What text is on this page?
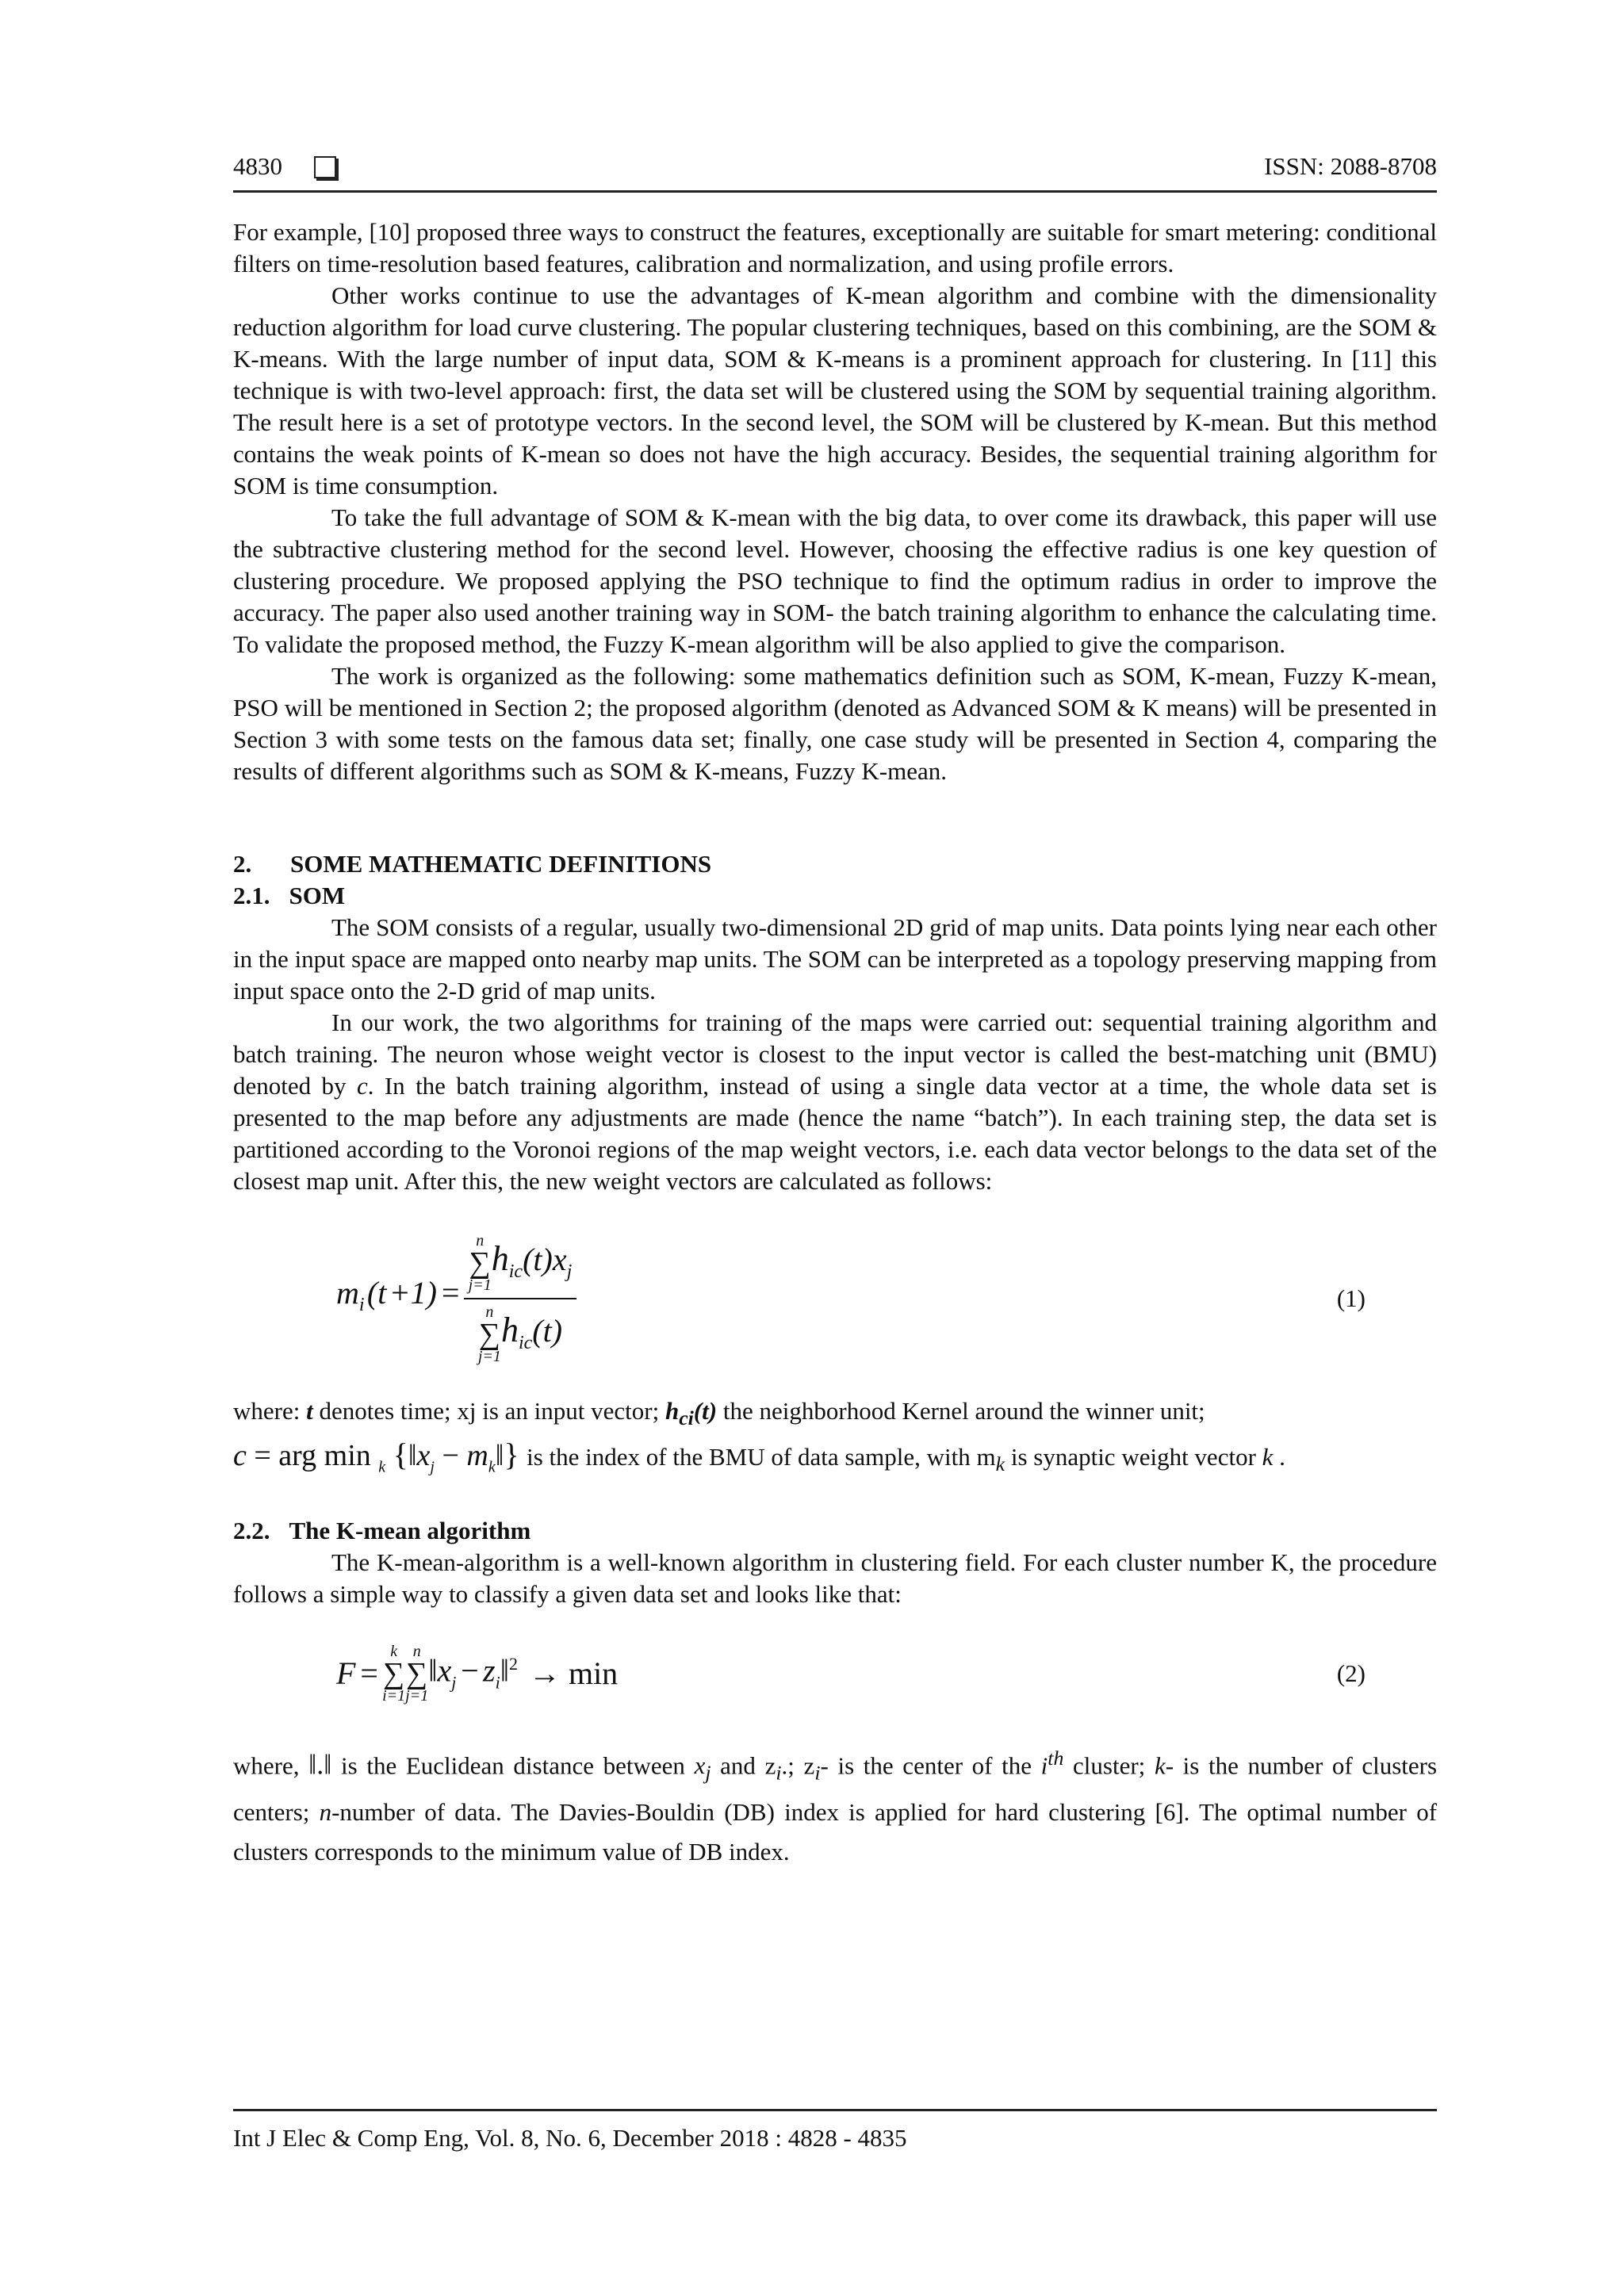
4830	ISSN: 2088-8708

For example, [10] proposed three ways to construct the features, exceptionally are suitable for smart metering: conditional filters on time-resolution based features, calibration and normalization, and using profile errors.

Other works continue to use the advantages of K-mean algorithm and combine with the dimensionality reduction algorithm for load curve clustering. The popular clustering techniques, based on this combining, are the SOM & K-means. With the large number of input data, SOM & K-means is a prominent approach for clustering. In [11] this technique is with two-level approach: first, the data set will be clustered using the SOM by sequential training algorithm. The result here is a set of prototype vectors. In the second level, the SOM will be clustered by K-mean. But this method contains the weak points of K-mean so does not have the high accuracy. Besides, the sequential training algorithm for SOM is time consumption.

To take the full advantage of SOM & K-mean with the big data, to over come its drawback, this paper will use the subtractive clustering method for the second level. However, choosing the effective radius is one key question of clustering procedure. We proposed applying the PSO technique to find the optimum radius in order to improve the accuracy. The paper also used another training way in SOM- the batch training algorithm to enhance the calculating time. To validate the proposed method, the Fuzzy K-mean algorithm will be also applied to give the comparison.

The work is organized as the following: some mathematics definition such as SOM, K-mean, Fuzzy K-mean, PSO will be mentioned in Section 2; the proposed algorithm (denoted as Advanced SOM & K means) will be presented in Section 3 with some tests on the famous data set; finally, one case study will be presented in Section 4, comparing the results of different algorithms such as SOM & K-means, Fuzzy K-mean.

2.	SOME MATHEMATIC DEFINITIONS
2.1. SOM

The SOM consists of a regular, usually two-dimensional 2D grid of map units. Data points lying near each other in the input space are mapped onto nearby map units. The SOM can be interpreted as a topology preserving mapping from input space onto the 2-D grid of map units.

In our work, the two algorithms for training of the maps were carried out: sequential training algorithm and batch training. The neuron whose weight vector is closest to the input vector is called the best-matching unit (BMU) denoted by c. In the batch training algorithm, instead of using a single data vector at a time, the whole data set is presented to the map before any adjustments are made (hence the name “batch”). In each training step, the data set is partitioned according to the Voronoi regions of the map weight vectors, i.e. each data vector belongs to the data set of the closest map unit. After this, the new weight vectors are calculated as follows:

$m_i$ (t +1) =  n
∑
j=1
$h_{ic}(t)x_j$
n
∑
j=1
$h_{ic}(t)$	(1)

where: t denotes time; xj is an input vector; $h_{ci}(t)$ the neighborhood Kernel around the winner unit;

c = arg min $_k$ {$‖x_j$ − $m_k‖$} is the index of the BMU of data sample, with $m_k$ is synaptic weight vector k .

2.2. The K-mean algorithm

The K-mean-algorithm is a well-known algorithm in clustering field. For each cluster number K, the procedure follows a simple way to classify a given data set and looks like that:

F = 
k
∑
i=1
n
∑
j=1
$‖x_j$ − $z_i‖^2 \to \min$	(2)

where, ‖.‖ is the Euclidean distance between $x_j$ and $z_i$.; $z_i-$ is the center of the $i^{th}$ cluster; k- is the number of clusters centers; n-number of data. The Davies-Bouldin (DB) index is applied for hard clustering [6]. The optimal number of clusters corresponds to the minimum value of DB index.

Int J Elec & Comp Eng, Vol. 8, No. 6, December 2018 : 4828 - 4835
